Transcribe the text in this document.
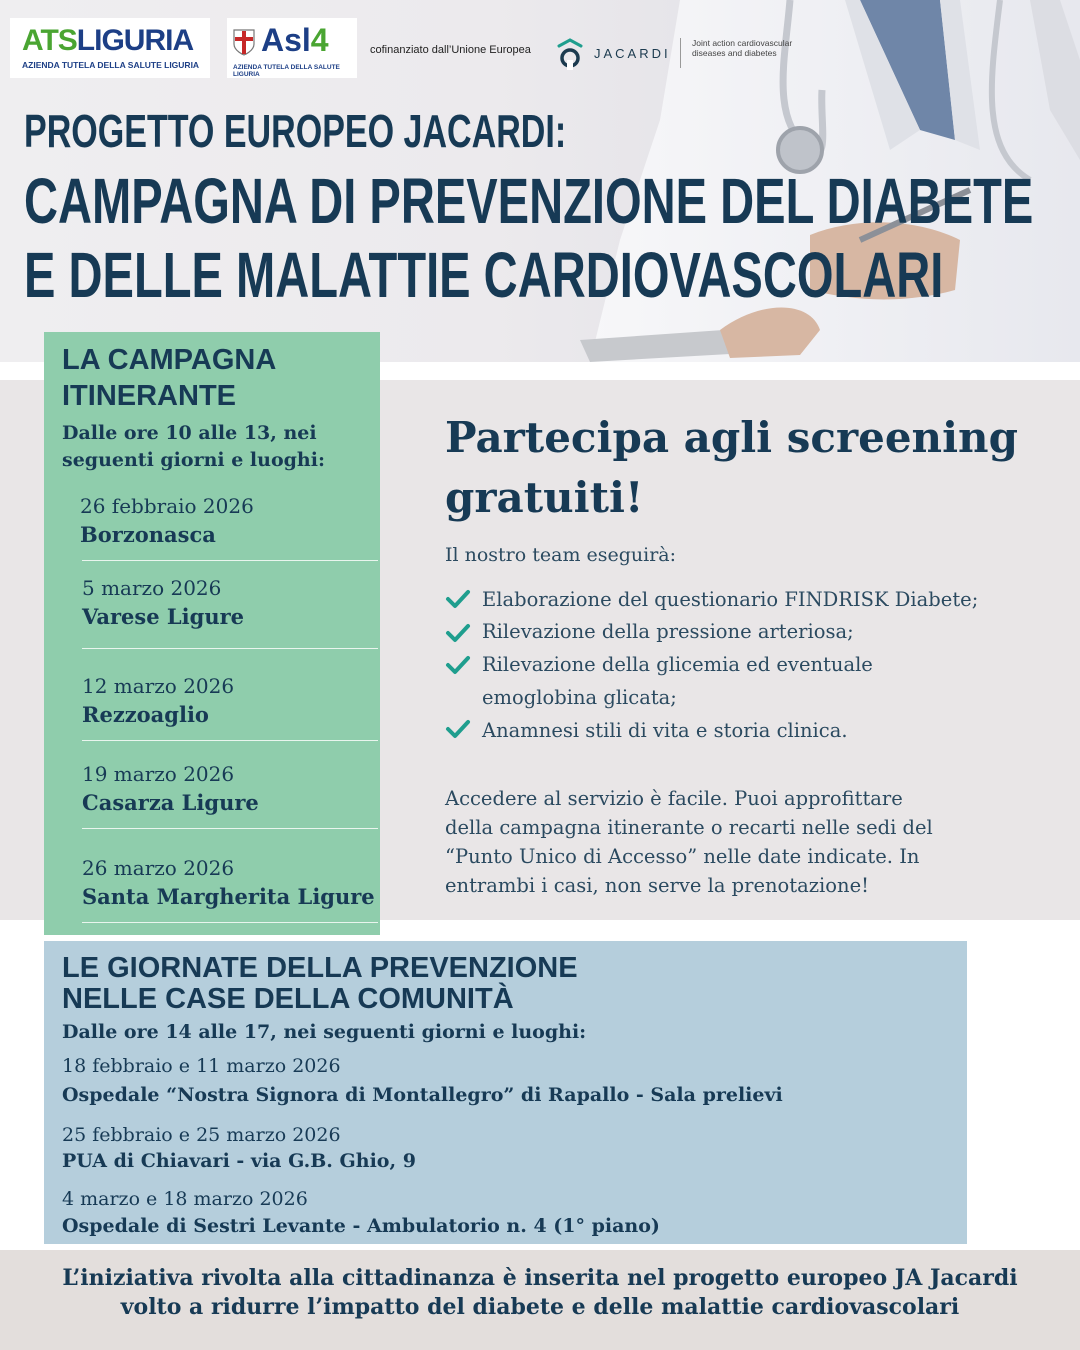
ATSLIGURIA
AZIENDA TUTELA DELLA SALUTE LIGURIA
Asl4
AZIENDA TUTELA DELLA SALUTE LIGURIA
cofinanziato dall’Unione Europea	JACARDI
Joint action cardiovascular diseases and diabetes
PROGETTO EUROPEO JACARDI:
CAMPAGNA DI PREVENZIONE DEL DIABETE
E DELLE MALATTIE CARDIOVASCOLARI
LA CAMPAGNA ITINERANTE
Dalle ore 10 alle 13, nei seguenti giorni e luoghi:
26 febbraio 2026
Borzonasca
5 marzo 2026
Varese Ligure
12 marzo 2026
Rezzoaglio
19 marzo 2026
Casarza Ligure
26 marzo 2026
Santa Margherita Ligure
Partecipa agli screening gratuiti!
Il nostro team eseguirà:
Elaborazione del questionario FINDRISK Diabete;
Rilevazione della pressione arteriosa;
Rilevazione della glicemia ed eventuale
emoglobina glicata;
Anamnesi stili di vita e storia clinica.
Accedere al servizio è facile. Puoi approfittare della campagna itinerante o recarti nelle sedi del “Punto Unico di Accesso” nelle date indicate. In entrambi i casi, non serve la prenotazione!
LE GIORNATE DELLA PREVENZIONE
NELLE CASE DELLA COMUNITÀ
Dalle ore 14 alle 17, nei seguenti giorni e luoghi:
18 febbraio e 11 marzo 2026
Ospedale “Nostra Signora di Montallegro” di Rapallo - Sala prelievi
25 febbraio e 25 marzo 2026
PUA di Chiavari - via G.B. Ghio, 9
4 marzo e 18 marzo 2026
Ospedale di Sestri Levante - Ambulatorio n. 4 (1° piano)
L’iniziativa rivolta alla cittadinanza è inserita nel progetto europeo JA Jacardi
volto a ridurre l’impatto del diabete e delle malattie cardiovascolari
